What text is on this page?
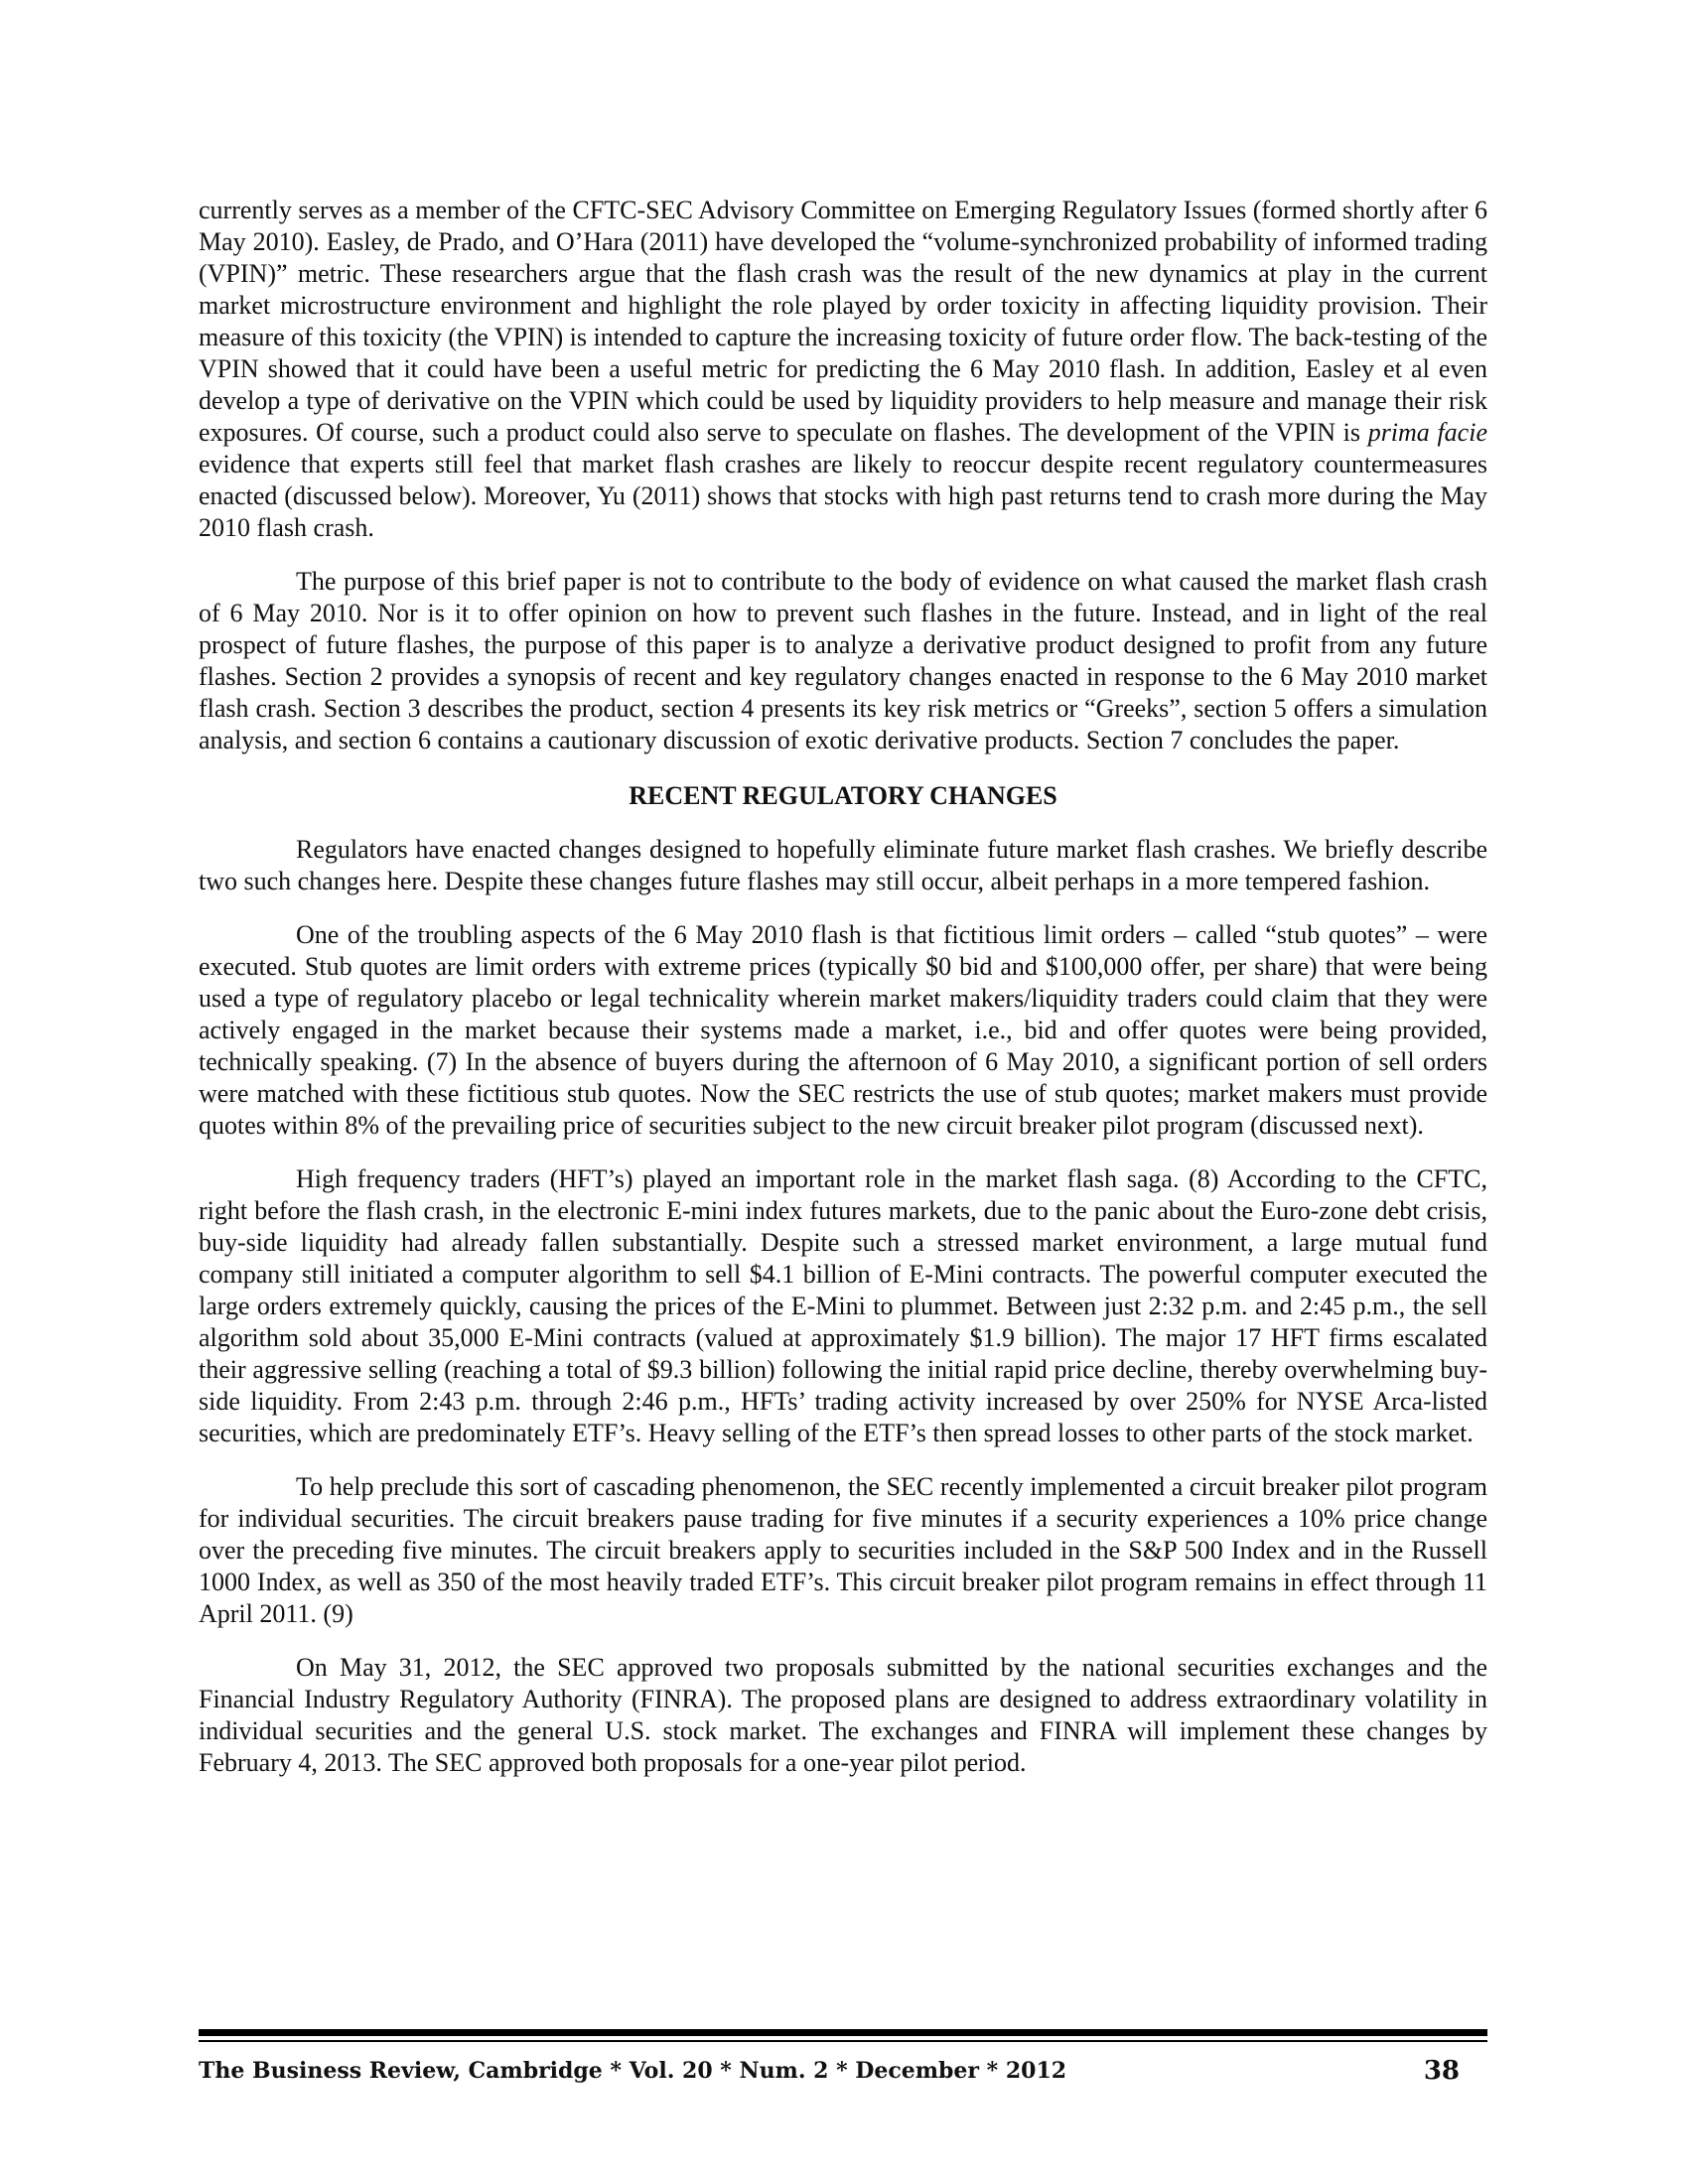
currently serves as a member of the CFTC-SEC Advisory Committee on Emerging Regulatory Issues (formed shortly after 6 May 2010). Easley, de Prado, and O’Hara (2011) have developed the “volume-synchronized probability of informed trading (VPIN)” metric. These researchers argue that the flash crash was the result of the new dynamics at play in the current market microstructure environment and highlight the role played by order toxicity in affecting liquidity provision. Their measure of this toxicity (the VPIN) is intended to capture the increasing toxicity of future order flow. The back-testing of the VPIN showed that it could have been a useful metric for predicting the 6 May 2010 flash. In addition, Easley et al even develop a type of derivative on the VPIN which could be used by liquidity providers to help measure and manage their risk exposures. Of course, such a product could also serve to speculate on flashes. The development of the VPIN is prima facie evidence that experts still feel that market flash crashes are likely to reoccur despite recent regulatory countermeasures enacted (discussed below). Moreover, Yu (2011) shows that stocks with high past returns tend to crash more during the May 2010 flash crash.

The purpose of this brief paper is not to contribute to the body of evidence on what caused the market flash crash of 6 May 2010. Nor is it to offer opinion on how to prevent such flashes in the future. Instead, and in light of the real prospect of future flashes, the purpose of this paper is to analyze a derivative product designed to profit from any future flashes. Section 2 provides a synopsis of recent and key regulatory changes enacted in response to the 6 May 2010 market flash crash. Section 3 describes the product, section 4 presents its key risk metrics or “Greeks”, section 5 offers a simulation analysis, and section 6 contains a cautionary discussion of exotic derivative products. Section 7 concludes the paper.

RECENT REGULATORY CHANGES

Regulators have enacted changes designed to hopefully eliminate future market flash crashes. We briefly describe two such changes here. Despite these changes future flashes may still occur, albeit perhaps in a more tempered fashion.

One of the troubling aspects of the 6 May 2010 flash is that fictitious limit orders – called “stub quotes” – were executed. Stub quotes are limit orders with extreme prices (typically $0 bid and $100,000 offer, per share) that were being used a type of regulatory placebo or legal technicality wherein market makers/liquidity traders could claim that they were actively engaged in the market because their systems made a market, i.e., bid and offer quotes were being provided, technically speaking. (7) In the absence of buyers during the afternoon of 6 May 2010, a significant portion of sell orders were matched with these fictitious stub quotes. Now the SEC restricts the use of stub quotes; market makers must provide quotes within 8% of the prevailing price of securities subject to the new circuit breaker pilot program (discussed next).

High frequency traders (HFT’s) played an important role in the market flash saga. (8) According to the CFTC, right before the flash crash, in the electronic E-mini index futures markets, due to the panic about the Euro-zone debt crisis, buy-side liquidity had already fallen substantially. Despite such a stressed market environment, a large mutual fund company still initiated a computer algorithm to sell $4.1 billion of E-Mini contracts. The powerful computer executed the large orders extremely quickly, causing the prices of the E-Mini to plummet. Between just 2:32 p.m. and 2:45 p.m., the sell algorithm sold about 35,000 E-Mini contracts (valued at approximately $1.9 billion). The major 17 HFT firms escalated their aggressive selling (reaching a total of $9.3 billion) following the initial rapid price decline, thereby overwhelming buy-side liquidity. From 2:43 p.m. through 2:46 p.m., HFTs’ trading activity increased by over 250% for NYSE Arca-listed securities, which are predominately ETF’s. Heavy selling of the ETF’s then spread losses to other parts of the stock market.

To help preclude this sort of cascading phenomenon, the SEC recently implemented a circuit breaker pilot program for individual securities. The circuit breakers pause trading for five minutes if a security experiences a 10% price change over the preceding five minutes. The circuit breakers apply to securities included in the S&P 500 Index and in the Russell 1000 Index, as well as 350 of the most heavily traded ETF’s. This circuit breaker pilot program remains in effect through 11 April 2011. (9)

On May 31, 2012, the SEC approved two proposals submitted by the national securities exchanges and the Financial Industry Regulatory Authority (FINRA). The proposed plans are designed to address extraordinary volatility in individual securities and the general U.S. stock market. The exchanges and FINRA will implement these changes by February 4, 2013. The SEC approved both proposals for a one-year pilot period.

The Business Review, Cambridge * Vol. 20 * Num. 2 * December * 2012	38
